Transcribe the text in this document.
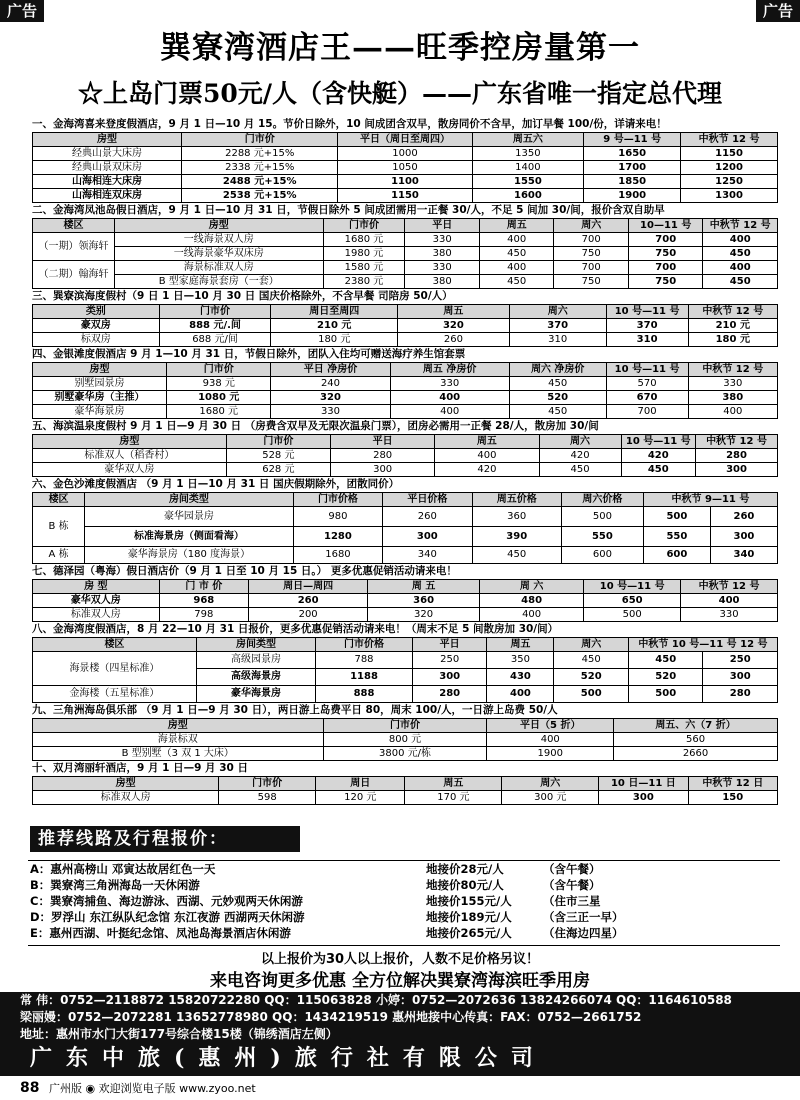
广告	广告
巽寮湾酒店王——旺季控房量第一
☆上岛门票50元/人（含快艇）——广东省唯一指定总代理
一、金海湾喜来登度假酒店，9 月 1 日—10 月 15。节价日除外，10 间成团含双早，散房同价不含早，加订早餐 100/份，详请来电！
房型	门市价	平日（周日至周四）	周五六	9 号—11 号	中秋节 12 号
经典山景大床房	2288 元+15%	1000	1350	1650	1150
经典山景双床房	2338 元+15%	1050	1400	1700	1200
山海相连大床房	2488 元+15%	1100	1550	1850	1250
山海相连双床房	2538 元+15%	1150	1600	1900	1300
二、金海湾凤池岛假日酒店，9 月 1 日—10 月 31 日，节假日除外 5 间成团需用一正餐 30/人，不足 5 间加 30/间，报价含双自助早
楼区	房型	门市价	平日	周五	周六	10—11 号	中秋节 12 号
（一期）领海轩	一线海景双人房	1680 元	330	400	700	700	400
	一线海景豪华双床房	1980 元	380	450	750	750	450
（二期）翰海轩	海景标准双人房	1580 元	330	400	700	700	400
	B 型家庭海景套房（一套）	2380 元	380	450	750	750	450
三、巽寮滨海度假村（9 日 1 日—10 月 30 日 国庆价格除外，不含早餐 司陪房 50/人）
类别	门市价	周日至周四	周五	周六	10 号—11 号	中秋节 12 号
豪双房	888 元/.间	210 元	320	370	370	210 元
标双房	688 元/间	180 元	260	310	310	180 元
四、金银滩度假酒店 9 月 1—10 月 31 日，节假日除外，团队入住均可赠送海疗养生馆套票
房型	门市价	平日 净房价	周五 净房价	周六 净房价	10 号—11 号	中秋节 12 号
别墅园景房	938 元	240	330	450	570	330
别墅豪华房（主推）	1080 元	320	400	520	670	380
豪华海景房	1680 元	330	400	450	700	400
五、海滨温泉度假村 9 月 1 日—9 月 30 日 （房费含双早及无限次温泉门票），团房必需用一正餐 28/人，散房加 30/间
房型	门市价	平日	周五	周六	10 号—11 号	中秋节 12 号
标准双人（稻香村）	528 元	280	400	420	420	280
豪华双人房	628 元	300	420	450	450	300
六、金色沙滩度假酒店 （9 月 1 日—10 月 31 日 国庆假期除外，团散同价）
楼区	房间类型	门市价格	平日价格	周五价格	周六价格	中秋节 9—11 号	
B 栋	豪华园景房	980	260	360	500	500	260
	标准海景房（侧面看海）	1280	300	390	550	550	300
A 栋	豪华海景房（180 度海景）	1680	340	450	600	600	340
七、德泽园（粤海）假日酒店价（9 月 1 日至 10 月 15 日。） 更多优惠促销活动请来电！
房 型	门 市 价	周日—周四	周 五	周 六	10 号—11 号	中秋节 12 号
豪华双人房	968	260	360	480	650	400
标准双人房	798	200	320	400	500	330
八、金海湾度假酒店，8 月 22—10 月 31 日报价，更多优惠促销活动请来电！（周末不足 5 间散房加 30/间）
楼区	房间类型	门市价格	平日	周五	周六	中秋节 10 号—11 号 12 号	
海景楼（四星标准）	高级园景房	788	250	350	450	450	250
	高级海景房	1188	300	430	520	520	300
金海楼（五星标准）	豪华海景房	888	280	400	500	500	280
九、三角洲海岛俱乐部 （9 月 1 日—9 月 30 日），两日游上岛费平日 80，周末 100/人，一日游上岛费 50/人
房型	门市价	平日（5 折）	周五、六（7 折）
海景标双	800 元	400	560
B 型别墅（3 双 1 大床）	3800 元/栋	1900	2660
十、双月湾丽轩酒店，9 月 1 日—9 月 30 日
房型	门市价	周日	周五	周六	10 日—11 日	中秋节 12 日
标准双人房	598	120 元	170 元	300 元	300	150
推荐线路及行程报价：
A：惠州高榜山 邓寅达故居红色一天	地接价28元/人	（含午餐）
B：巽寮湾三角洲海岛一天休闲游	地接价80元/人	（含午餐）
C：巽寮湾捕鱼、海边游泳、西湖、元妙观两天休闲游	地接价155元/人	（住市三星
D：罗浮山 东江纵队纪念馆 东江夜游 西湖两天休闲游	地接价189元/人	（含三正一早）
E：惠州西湖、叶挺纪念馆、凤池岛海景酒店休闲游	地接价265元/人	（住海边四星）
以上报价为30人以上报价，人数不足价格另议！
来电咨询更多优惠 全方位解决巽寮湾海滨旺季用房
常 伟：0752—2118872 15820722280 QQ：115063828 小婷：0752—2072636 13824266074 QQ：1164610588
梁丽嫚：0752—2072281 13652778980 QQ：1434219519 惠州地接中心传真：FAX：0752—2661752
地址：惠州市水门大街177号综合楼15楼（锦绣酒店左侧）
广东中旅(惠州)旅行社有限公司
88 广州版 ◉ 欢迎浏览电子版 www.zyoo.net
